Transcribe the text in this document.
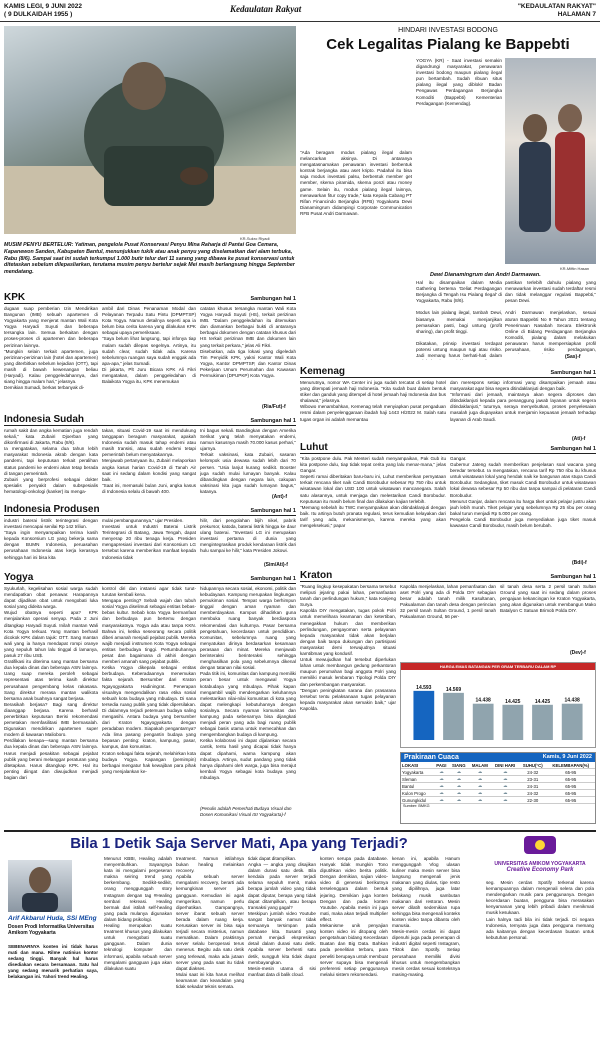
KAMIS LEGI, 9 JUNI 2022
( 9 DULKAIDAH 1955 )
Kedaulatan Rakyat	"KEDAULATAN RAKYAT"
HALAMAN 7
KR-Sukro Riyadi
MUSIM PENYU BERTELUR: Yatiman, pengelola Pusat Konservasi Penyu Mina Raharja di Pantai Goa Cemara, Kapanewon Sanden, Kabupaten Bantul, menunjukkan tukik atau anak penyu yang diselamatkan dari alam terbuka, Rabu (8/6). Sampai saat ini sudah terkumpul 1.000 butir telur dari 11 sarang yang dibawa ke pusat konservasi untuk ditetaskan sebelum dilepasliarkan, terutama musim penyu bertelur sejak Mei masih berlangsung hingga September mendatang.
HINDARI INVESTASI BODONG
Cek Legalitas Pialang ke Bappebti
YOGYA (KR) - Saat investasi semakin digandrungi masyarakat, penawaran investasi bodong maupun pialang ilegal pun bertambah. Sudah ribuan situs pialang ilegal yang diblokir Badan Pengawas Perdagangan Berjangka Komoditi (Bappebti) Kementerian Perdagangan (Kemendag).
KR-Miftin Hasan
Dewi Dianamingrum dan Andri Darmawan.
"Ada beragam modus pialang ilegal dalam melancarkan aksinya. Di antaranya mengatasnamakan penawaran investasi berbentuk kontrak berjangka atau aset kripto. Padahal itu bisa saja modus investasi palsu, berbentuk member get member, skema piramida, skema ponzi atau money game. Selain itu, modus pialang ilegal lainnya, menawarkan fitur copy trade," kata Kepala Cabang PT Rifan Financindo Berjangka (RFB) Yogyakarta Dewi Dianamingrum didampingi Corporate Communication RFB Pusat Andri Darmawan.
Hal itu disampaikan dalam Media Gathering bertema 'Geliat Perdagangan Berjangka di Tengah Isu Pialang Ilegal' di Yogyakarta, Rabu (8/6).

Modus lain pialang ilegal, tambah Dewi, biasanya memakai menjanjikan pemasukan pasti, bagi untung (profit sharing), dan profit tinggi.

Dikatakan, prinsip investasi terdapat potensi untung maupun rugi atau risiko. Jadi memang harus berhati-hati dalam

pastikan terlebih dahulu pialang yang menawarkan investasi sudah terdaftar resmi dan tidak melanggar regulasi Bappebti," pesan Dewi.

Andri Darmawan menjelaskan, sesuai aturan Bappebti No 9 Tahun 2021 tentang Penerimaan Nasabah Secara Elektronik Online di Bidang Perdagangan Berjangka Komoditi, pialang dalam melakukan penawaran harus mempersiapkan profil perusahaan, risiko perdagangan,
(Sas)-f
KPK	Sambungan hal 1
dugaan suap pemberian Izin Mendirikan Bangunan (IMB) sebuah apartemen di Yogyakarta yang menjerat mantan Wali Kota Yogya Haryadi Suyuti dan beberapa tersangka lain. Semua berkaitan dengan proses-proses di apartemen dan beberapa perizinan lainnya.
"Mungkin selain terkait apartemen, juga perizinan-perizinan lain (hotel dan apartemen) yang diterbitkan sebelum kejadian (OTT), tapi masih di bawah kewenangan beliau (Haryadi). Kalau penggeledahannya, dari siang hingga malam hari," jelasnya.
Demikian Sumadi, berkas terbanyak di-
ambil dari Dinas Penanaman Modal dan Pelayanan Terpadu Satu Pintu (DPMPTSP) Kota Yogya. Namun detailnya seperti apa ia belum bisa cerita karena yang dilakukan KPK sebagai upaya pemeriksaan.
"Saya belum lihat langsung, tapi infonya tiap malam sudah dilepas segelnya. Artinya, itu sudah clear, sudah tidak ada. Karena sebelumnya ruangan saya sudah enggak ada apa-apa," jelas Sumadi.
Di jakarta, Plt Juru Bicara KPK Ali Fikri mengatakan, dalam penggeledahan di Balaikota Yogya itu, KPK menemukan
catatan khusus tersangka mantan Wali Kota Yogya Haryadi Suyuti (HS), terkait perizinan IMB. "Dalam penggeledahan itu ditemukan dan diamankan berbagai bukti di antaranya berbagai dokumen dengan catatan khusus dari HS terkait perizinan IMB dan dokumen lain yang terkait perkara," jelas Ali Fikri.
Disebutkan, ada tiga lokasi yang digeledah Tim Penyidik KPK, yakni Kantor Wali Kota Yogya, Kantor DPMPTSP, dan Kantor Dinas Pekerjaan Umum Perumahan dan Kawasan Permukiman (DPUPKP) Kota Yogya.
(Ria/Fut)-f
Kemenag	Sambungan hal 1
Menurutnya, nomor WA Center ini juga sudah tercatat di setiap hotel yang ditempati jemaah haji Indonesia. "Kita sudah buat dalam bentuk stiker dan ganduk yang ditempel di hotel jemaah haji Indonesia dan bus shalawat," jelasnya.
Wibowo menambahkan, Kemenag telah menyiapkan pusat pengaduan resmi dalam penyelenggaraan ibadah haji 1443 H/2022 M. Salah satu tugas organ ini adalah memantau
dan merespons setiap informasi yang disampaikan jemaah atau masyarakat agar bisa segera ditindaklanjuti dengan baik.
"Informasi dari jemaah, maintanya akan segera diproses dan ditindaklanjuti kepada para penanggung jawab layanan untuk segera ditindaklanjuti," tuturnya, seraya menyebutkan, proses penyelesaian masalah juga diupayakan untuk menjamin kepuasan jemaah terhadap layanan di Arab Saudi.
(Ati)-f
Indonesia Sudah	Sambungan hal 1
rumah sakit dan angka kematian juga rendah sekali," kata Zubairi Djoerban yang dikonfirmasi di Jakarta, Rabu (8/6).
Ia mengatakan, selama dua tahun lebih masyarakat Indonesia akrab dengan kata pandemi, tapi keputusan terkait peralihan status pandemi ke endemi akan tetap berada di tangan pemerintah.
Zubairi yang berprofesi sebagai dokter spesialis penyakit dalam subspesialis hematologi-onkologi (kanker) itu menga-
takan, situasi Covid-19 saat ini mendukung tanggapan beragam masyarakat, apakah Indonesia sudah masuk tahap endemi atau masih transisi, atau sudah endemi tetapi pemerintah belum menyatakannya.
Menjawab pertanyaan itu, Zubairi melaporkan angka kasus harian Covid-19 di Tanah Air saat ini sedang dalam kondisi yang sangat baik.
"Saat ini, memasuki bulan Juni, angka kasus di Indonesia selalu di bawah 400.
Ini bagus sekali. Bandingkan dengan Amerika Serikat yang telah menyatakan endemi, namun kasusnya masih 70.000 kasus perhari," ujarnya.
Terkait vaksinasi, kata Zubairi, sasaran kelompok usia dewasa sudah lebih dari 70 persen. "Usia lanjut kurang sedikit. Booster juga sudah mulai lumayan banyak. Kalau dibandingkan dengan negara lain, cakupan vaksinasi kita juga sudah lumayan bagus," katanya.
(Ant)-f
Luhut	Sambungan hal 1
"Kita postpone dulu. Pak Menteri sudah menyampaikan, Pak Gub itu kita postpone dulu, tiap tidak tepat cerita yang lalu menar-mana," jelas Gangar.
Seperti ramai diberitakan baru-baru ini, Luhut memberikan pernyataan terkait rencana tiket naik Candi Borobudur sebesar Rp 750 ribu untuk wisatawan lokal dan USD 100 untuk wisatawan mancanegara. Salah satu alasannya, untuk menjaga dan melestarikan Candi Borobudur. Keputusan itu masih belum final dan dilakukan kajian terlebih.
"Memang sebelah itu TWC menyampaikan akan ditindaklanjuti dengan baik. Itu artinya butuh pranata regulasi, terus kemudian kelayakan dari tarif yang ada, mekanismenya, karena mereka yang akan mengeksekusi," papar
Gangar.
Gubernur Jateng sudah memberikan penjelasan soal wacana yang beredar tersebut. Ia mengatakan, rencana tarif Rp 750 ribu itu khusus untuk wisatawan lokal yang hendak naik ke bangunan atas stupa Candi Borobudur. Sedangkan, tiket masuk Candi Borobudur untuk wisatawan lokal dewasa sebesar Rp 50 ribu dan tanpa sampai di pelataran Candi Borobudur.
Menurut Ganjar, dalam rencana itu harga tiket untuk pelajar justru akan jauh lebih murah. Tiket pelajar yang sebelumnya Rp 25 ribu per orang bakal turun menjadi Rp 5.000 per orang.
Pengelola Candi Borobudur juga menyediakan juga tiket masuk kawasan Candi Borobudur, masih belum berubah.
(Bdi)-f
Indonesia Produsen	Sambungan hal 1
industri baterai listrik terintegrasi dengan investasi mencapai senilai Rp 142 triliun.
"Saya ingin menyampaikan terima kasih kepada Konsorsium LG yang bekerja sama dengan BUMN Indonesia, peruasahan perusahaan Indonesia atas kerja kerasnya sehingga hari ini bisa kita
mulai pembangunannya," ujar Presiden.
Investasi untuk Industri Baterai Listrik Terintegrasi di Batang, Jawa Tengah, dapat menyerap 20 ribu tenaga kerja. Presiden mengapresiasi investasi dari Konsorsium LG tersebut karena memberikan manfaat kepada Indonesia tidak
hilir, dari pengolahan bijih nikel, pabrik prekursor, katoda, baterai listrik hingga ke daur ulang baterai. "Investasi LG ini merupakan investasi pertama di dunia yang mengintegrasikan produk kendaraan listrik dari hulu sampai ke hilir," kata Presiden Jokowi.
(Sim/Ati)-f
Kraton	Sambungan hal 1
"Ruang lingkup kesepakatan bersama tersebut meliputi jejaring pakai lahan, pemanfaatan tanah dan perlindungan hukum," kata Kanjeng Surya.
Kapolda DIY mengatakan, tugas pokok Polri untuk memelihara keamanan dan ketertiban, menegakkan hukum dan memberikan perlindungan, pengayoman serta pelayanan kepada masyarakat tidak akan berjalan dengan baik tanpa dukungan dan partisipasi masyarakat demi terwujudnya situasi kamtibmas yang kondusif.
Untuk mewujudkan hal tersebut diperlukan lahan untuk membangun gedung perkantoran maupun perumahan bagi anggota Polri yang memiliki masuk lembaran Tipologi Polda DIY dan perkembangan masyarakat.
"Dengan peningkatan sarana dan prasarana tersebut tentu pelaksanaan tugas pelayanan kepada masyarakat akan semakin baik," ujar Kapolda.
Kapolda menjelaskan, lahan pemanfaatan dan aset Polri yang ada di Polda DIY sebagian besar adalah tanah milik Kasultanan, Pakualaman dan tanah desa dengan perincian 32 persil tanah Sultan Ground, 1 persil tanah Pakualaman Ground, 56 per-
sil tanah desa serta 2 persil tanah Sultan Ground yang saat ini sedang dalam proses pengajuan kekancingan ke Kraton Yogyakarta, yang akan digunakan untuk membangun Mako Batalyon C Satuan Brimob Polda DIY.
(Dev)-f
HARGA EMAS BATANGAN PER GRAM TERBARU DALAM RP
14.593	14.569
14.438	14.425	14.425	14.438
Prakiraan Cuaca	Kamis, 9 Juni 2022
LOKASI	PAGI	SIANG	MALAM	DINI HARI	SUHU(°C)	KELEMBAPAN(%)
Yogyakarta	☁	☁	☁	☁	24-32	65-95
Sleman	☁	☁	☁	☁	23-31	65-95
Bantul	☁	☁	☁	☁	24-31	65-95
Kulon Progo	☁	☁	☁	☁	24-32	65-95
Gunungkidul	☁	☁	☁	☁	22-30	65-95
Sumber: BMKG
Yogya	Sambungan hal 1
Syukurlah, kegelisahan sosial warga sudah mendapatkan obat penawar. Harapannya dapat dijadikan obat untuk mengobati luka sosial yang dideita warga.
Wujud obatnya seperti apa? KPK menjalankan operasi senyap. Pada 2 Juni ditangkap Haryadi Suyuti. Inilah mantan Wali Kota Yogya terkuat. Yang mantan berhasil dicokok KPK dalam tajuk: OTT. Sang mantan wali yang ia hanya mendapat rompi oranye yang sepuluh tahun lalu tinggal di lamanya, pasuk 27 ribu US$.
Gratifikasi itu diterima sang mantan bersama dua kepala dinas dan beberapa ASN lainnya. Uang suap mereka peroleh sebagai representasi atas terima kasih direktur perusahaan pengembang kelas rakasasa. Sang direktur merasa mantan walikota bersama anak buahnya sangat berjasa.
Berasikah berjasa? Bagi sang direktur diaanggap berjasa. Karena berhasil penerbitkan keputusan Berisi rekomendasi pemetakan memfasilitasi IMB bermasalah. Digunakan mendirikan apartemen super modern di kawasan Malioboro.
Perdilakan kenapa—sang mantan bersama dua kepala dinas dan beberapa ASN lainnya. Harus menjadi pesakitan sebagai pejabat publik yang berani melanggar peraturan yang ditetapkan. Harus ditangkap KPK. Hal itu penting diingat dan diwujudkan menjadi bagian dari
kontrol diri dan instansi agar tidak turut-turutan kembali kena.
Mengapa penting? Sebab wajah dan tubuh sosial Yogya diselimuti sebagai entitas bebas-bebas kultur. Sebab kota Yogya bermanfaat dan berbudaya pun bertemu dengan masyarakatnya. Yogya ada atau tanpa KKN. Bahwa ini, ketika seseorang secara politik diberi amanah menjadi pejabat publik. Mereka wajib menjadi instrumen Kota Yogya sebagai entitas berbudaya tinggi. Pertumbuhannya pesat dan bagaimana di akhiri dengan memberi amanah sang pejabat publik.
Ketika Yogya dikepala sebagai entitas berbudaya. Keberadaannya menemukan fakta sejarah. Bersumber dari Kraton Ngayogyakarta Hadiningrat. Penerapan visualnya mengendalikan rasa etika sosial sebuah kota budaya yang mbudaya. Di sana tersedia ruang publik yang tidak dipersilakan. Di dalamnya terjadi petemuan budaya saling mengasihi. Antara budaya yang bersumber dari Kraton Ngayogyakarta dengan peradaban modern. Siapakah pengantarnya? Ada lima pasang pengantin budaya yang bepasan penting: kraton, kampung, pasar, kampus, dan komunitas.
Kraton sebagai fakta sejarah, melahirkan kota budaya Yogya. Kapangan (pemimpin) berbagai mengatur hak kewajiban para pihak yang menjalankan ke-
hidupannya secara sosial, ekonomi, politik dan kebudayaan. Kampung merupakan lingkungan pemukiman sosial. Tempat warga berhimpun tinggal dengan aman nyaman dan memberdayakan. Kampus dihadirkan guna membuka ruang banyak berdiaspora rekomendasi dan kulturnya. Pasar bersama pengetahuan, kecerdasan untuk pendidikan. Komunitas, sebelumnya ruang yang menyatukan dirinya berdasarkan kesamaan perasaan dan minat. Mereka menjawab berinteraksi berinteraksi sehingga menghasilkan pola yang sebelumnya dikenal dengan tatanan nilai sosial.
Pada titik ini, komunitas dan kampung memiliki peran besar untuk mengawal Yogya kotabudaya yang mbudaya. Pihak kapan mengambil wajib mendengarkan keluhannya melestarikan nilai-nilai komunitas di kota yang dapat melengkapi kebutuhannya dengan sosialnya. Secara nyaman komunitas dan kampung pada sebenarnya bisa dijangkati menjadi peran yang ada bagi ruang publik sebagai basis utama untuk memecahkan dan mengembangkan budaya di kampung.
Ketika kolaborasi ini dapat dijalankan secara cantik, tentu hasil yang dicapai tidak hanya dapat dipahami, warna kampung akan mbudaya. Artinya, sudut pandang yang tidak hanya dipahami oleh warga, juga bisa merajut kembali Yogya sebagai kota budaya yang mbudaya.
(Penulis adalah Pemerhati Budaya Visual dan Dosen Komunikasi Visual ISI Yogyakarta)-f
Bila 1 Detik Saja Server Mati, Apa yang Terjadi?
Arif Akbarul Huda, SSi MEng
Dosen Prodi Informatika Universitas Amikom Yogyakarta
SEBENARNYA konten ini tidak harus mati dan mana. Rilme natinius kontor sedang tinggi. Banyak hal harus disediakan secara bersamaan. Satu hal yang sedang menarik perhatian saya, belakangan ini. Yahori trend Healing.
Menurut KBBI, Healing adalah menyembuhkan. Sayangnya kata ini mengalami pergeseran makna seiring trend yang berkembang. Sedikit-sedikit, orang menggunggah story Instagram dengan tag #Healing sembari rekreasi. Healing bermak dari istilah self-healing yang pada mulanya digunakan dalam bidang psikologi.
Healing merupakan suatu treatment khusus yang dilakukan untuk mengobati suatu gangguan. Dalam dunia teknologi komputer dan informasi, apabila sebuah server mengalami gangguan juga akan dilakukan suatu
treatment. Namun istilahnya bukan healing melainkan recovery.
Apabila sebuah server mengalami recovery, berarti ada kemungkinan server jadi gangguan. Kemudian ini agak mengerikan, namun perlu diperhatikan. Gampangnya, server ibarat sebuah server berada dalam ruang kerja. Kerusakan server ini bisa saja terjadi secara misterius, namun mematikan. Dalam praktisnya server selalu beroperasi terus menerus. Begitu ada satu detik yang terlewati, maka ada jutaan server yang pada saat itu tidak dapat diakses.
Mulai saat ini kita harus melihat keamanan dan keandalan yang tidak sekadar teknis semata.
tidak dapat ditampilkan.
Angka — angka yang disajikan dalam durasi satu detik. Bila kendala pada server terjadi selama sepuluh menit, maka berapa jumlah video yang tidak dapat diputar, berapa yang tidak dapat ditampilkan, atau berapa transaksi yang gagal?
Meskipun jumlah video Youtube sangat banyak namun tidak semuanya tersimpan pada database kita. Susanti yang pernah menjadi ekspresikan detail dalam durasi satu detik. Apabila server berhenti satu detik, sungguh kita tidak dapat membayangkan.
Mesin-mesin utama di sisi manfaat data di balik cloud.
konten serupa pada database. Hanyak tidak mungkin Tono diputihkan video berita politik. Dengan demikian, sajian video-video di generasi berikutnya terselenggara dalam bentuk jejaring. Demikian juga konten Dengan dan pada konten Youtube. Apabila mesin ini juga mati, maka akan terjadi multiplier effect.
Mekanisme unik penyajian konten video ini ditopang oleh pengetahuan bidang Kecerdasan Buatan dan Big Data. Bahkan pada penelitian terbaru, para peneliti berupaya untuk membuat server supaya bisa mengenali preferensi setiap penggunanya melalui sistem rekomendasi.
kenan ini, apabila Hanum menggunggah Vlog ulasan kuliner maka mesin server bisa langsung mengenali jenis makanan yang diulas, tipe resto yang dipilihnya, juga latar belakang musik sambutan makanan dari restoran. Mesin server dilatih sedemikian rupa sehingga bisa mengenali konteks konten video tanpa dibantu oleh manusia.
Mesin-mesin cerdas ini dapat dipenuhi juga pada penerapan di industri digital seperti Instagram, Tiktok dan Spotify. Setiap perusahaan memiliki divisi khusus untuk mengembangkan mesin cerdas sesuai konteksnya masing-masing.
UNIVERSITAS AMIKOM YOGYAKARTA
Creative Economy Park
seg. Mesin cerdas Spotify terkenal karena kemampuannya dalam mengenali selera dan pola mendengarkan musik para penggunanya. Dengan kecerdasan buatan, pengguna bisa merasakan kenyamanan yang lebih pribadi dalam menikmati musik kesukaan.
Lain halnya tadi bila ini tidak terjadi. Di negara Indonesia, ternyata juga data pengguna memang ada kaitannya dengan kecerdasan buatan untuk kebutuhan personal.
